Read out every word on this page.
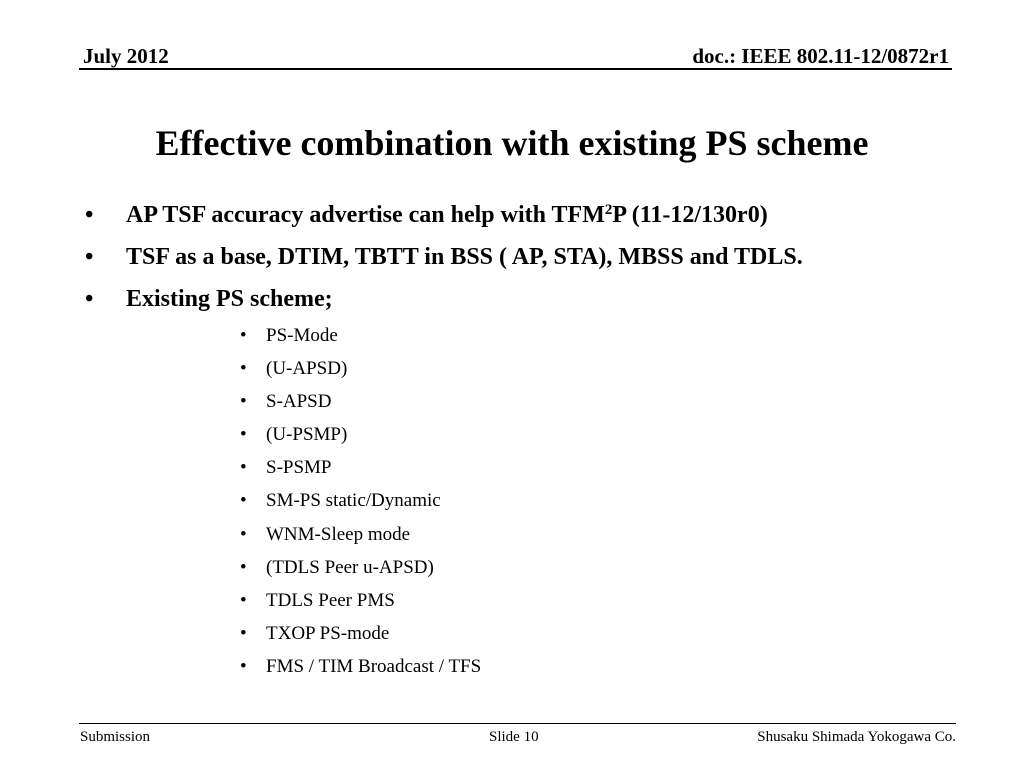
July 2012	doc.: IEEE 802.11-12/0872r1

Effective combination with existing PS scheme
• AP TSF accuracy advertise can help with TFM$^2$P (11-12/130r0)
• TSF as a base, DTIM, TBTT in BSS ( AP, STA), MBSS and TDLS.
• Existing PS scheme;
• PS-Mode
• (U-APSD)
• S-APSD
• (U-PSMP)
• S-PSMP
• SM-PS static/Dynamic
• WNM-Sleep mode
• (TDLS Peer u-APSD)
• TDLS Peer PMS
• TXOP PS-mode
• FMS / TIM Broadcast / TFS

Submission	Slide 10	Shusaku Shimada Yokogawa Co.
